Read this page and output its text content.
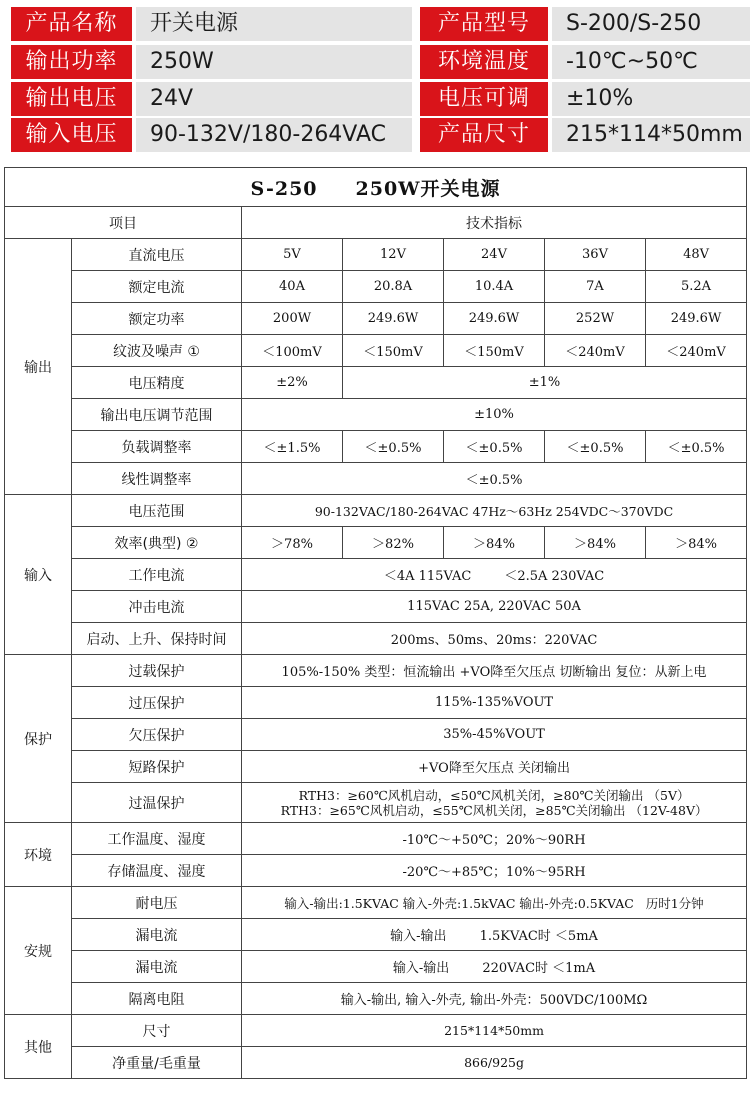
产品名称	开关电源	产品型号	S-200/S-250
输出功率	250W	环境温度	-10℃~50℃
输出电压	24V	电压可调	±10%
输入电压	90-132V/180-264VAC	产品尺寸	215*114*50mm
S-250 250W开关电源						
项目		技术指标				
输出	直流电压	5V	12V	24V	36V	48V
	额定电流	40A	20.8A	10.4A	7A	5.2A
	额定功率	200W	249.6W	249.6W	252W	249.6W
	纹波及噪声 ①	＜100mV	＜150mV	＜150mV	＜240mV	＜240mV
	电压精度	±2%	±1%			
	输出电压调节范围	±10%				
	负载调整率	＜±1.5%	＜±0.5%	＜±0.5%	＜±0.5%	＜±0.5%
	线性调整率	＜±0.5%				
输入	电压范围	90-132VAC/180-264VAC 47Hz～63Hz 254VDC～370VDC				
	效率(典型) ②	＞78%	＞82%	＞84%	＞84%	＞84%
	工作电流	＜4A 115VAC        ＜2.5A 230VAC				
	冲击电流	115VAC 25A, 220VAC 50A				
	启动、上升、保持时间	200ms、50ms、20ms：220VAC				
保护	过载保护	105%-150% 类型：恒流输出 +VO降至欠压点 切断输出 复位：从新上电				
	过压保护	115%-135%VOUT				
	欠压保护	35%-45%VOUT				
	短路保护	+VO降至欠压点 关闭输出				
	过温保护	RTH3：≥60℃风机启动，≤50℃风机关闭，≥80℃关闭输出 （5V）
RTH3：≥65℃风机启动，≤55℃风机关闭，≥85℃关闭输出 （12V-48V）				

环境	工作温度、湿度	-10℃～+50℃；20%～90RH				
	存储温度、湿度	-20℃～+85℃；10%～95RH				
安规	耐电压	输入-输出:1.5KVAC 输入-外壳:1.5kVAC 输出-外壳:0.5KVAC   历时1分钟				
	漏电流	输入-输出        1.5KVAC时 ＜5mA				
	漏电流	输入-输出        220VAC时 ＜1mA				
	隔离电阻	输入-输出, 输入-外壳, 输出-外壳：500VDC/100MΩ				
其他	尺寸	215*114*50mm				
	净重量/毛重量	866/925g				
